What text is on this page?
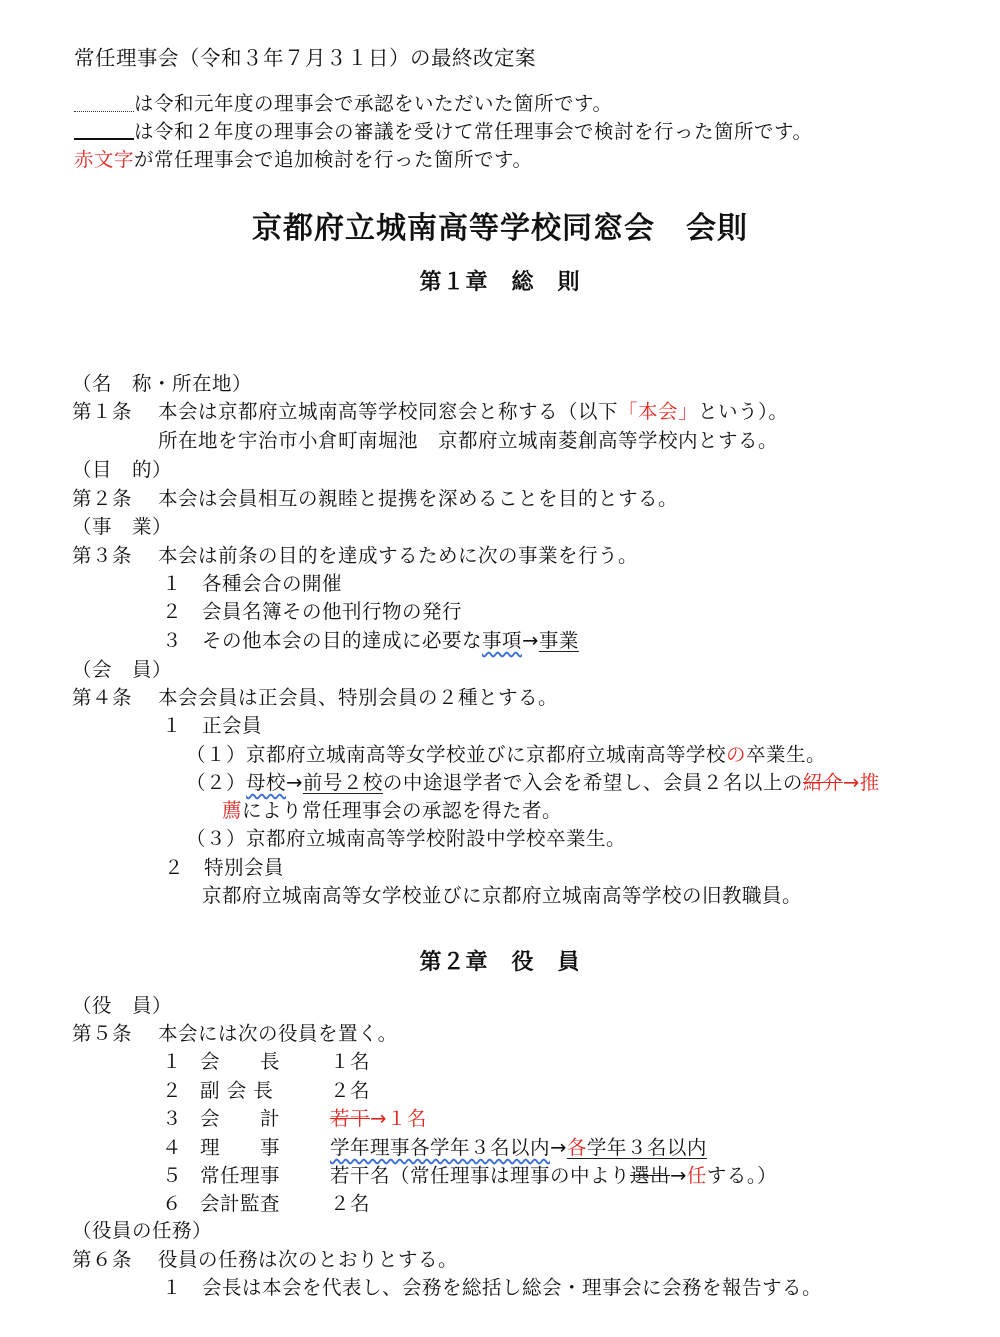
常任理事会（令和３年７月３１日）の最終改定案
は令和元年度の理事会で承認をいただいた箇所です。
は令和２年度の理事会の審議を受けて常任理事会で検討を行った箇所です。
赤文字が常任理事会で追加検討を行った箇所です。
京都府立城南高等学校同窓会　会則
第１章　総　則
（名　称・所在地）
第１条 本会は京都府立城南高等学校同窓会と称する（以下「本会」という）。
所在地を宇治市小倉町南堀池　京都府立城南菱創高等学校内とする。
（目　的）
第２条 本会は会員相互の親睦と提携を深めることを目的とする。
（事　業）
第３条 本会は前条の目的を達成するために次の事業を行う。
１　各種会合の開催
２　会員名簿その他刊行物の発行
３　その他本会の目的達成に必要な事項→事業
（会　員）
第４条 本会会員は正会員、特別会員の２種とする。
１　正会員
（１）京都府立城南高等女学校並びに京都府立城南高等学校の卒業生。
（２）母校→前号２校の中途退学者で入会を希望し、会員２名以上の紹介→推
薦により常任理事会の承認を得た者。
（３）京都府立城南高等学校附設中学校卒業生。
２　特別会員
京都府立城南高等女学校並びに京都府立城南高等学校の旧教職員。
第２章　役　員
（役　員）
第５条 本会には次の役員を置く。
１ 会　　長	１名
２ 副 会 長	２名
３ 会　　計	若干→１名
４ 理　　事	学年理事各学年３名以内→各学年３名以内
５ 常任理事	若干名（常任理事は理事の中より選出→任する。）
６ 会計監査	２名
（役員の任務）
第６条 役員の任務は次のとおりとする。
１　会長は本会を代表し、会務を総括し総会・理事会に会務を報告する。
